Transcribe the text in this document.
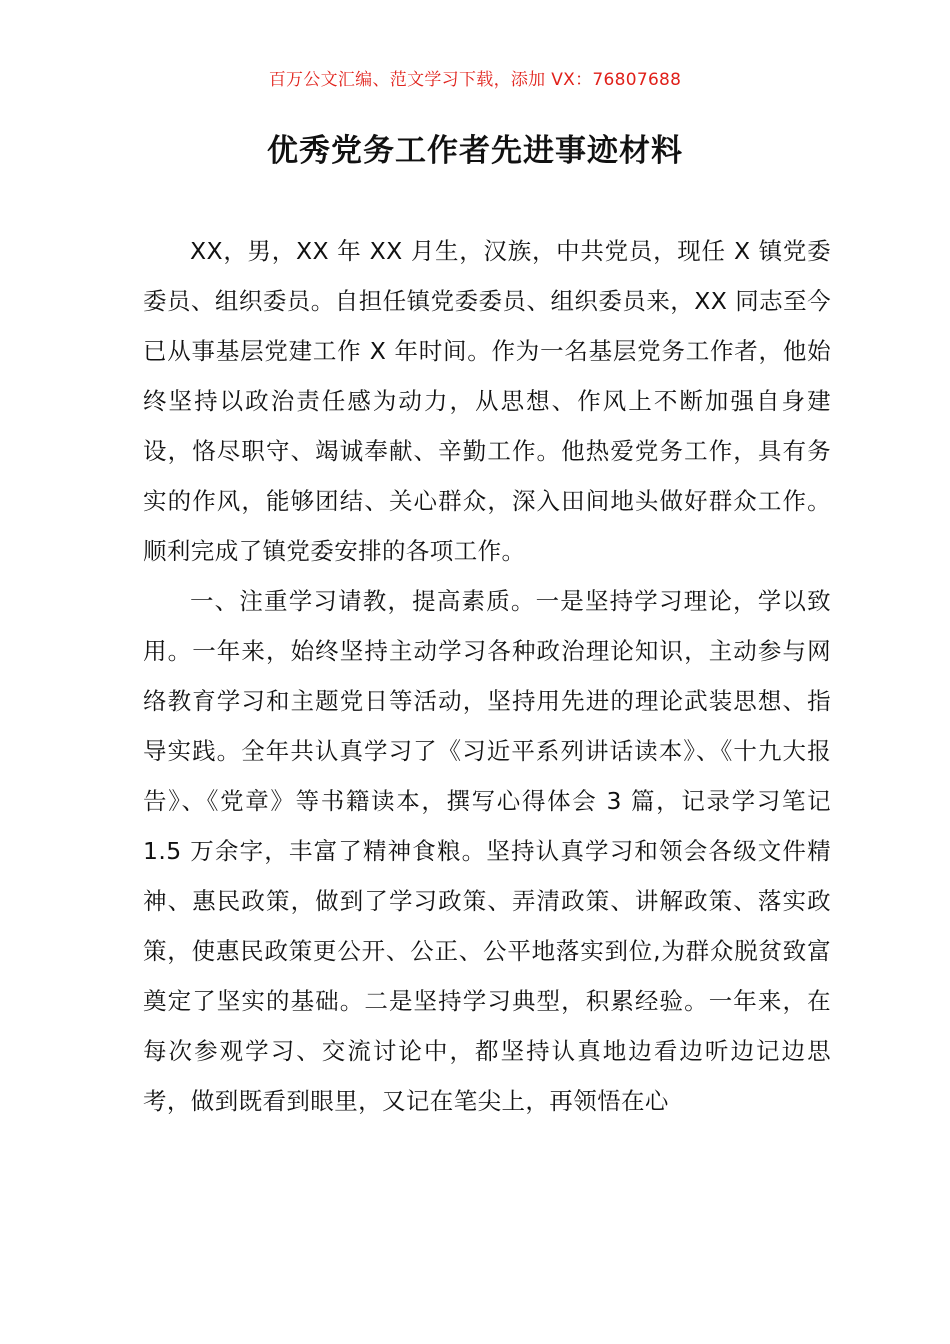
百万公文汇编、范文学习下载，添加 VX：76807688
优秀党务工作者先进事迹材料

XX，男，XX 年 XX 月生，汉族，中共党员，现任 X 镇党委委员、组织委员。自担任镇党委委员、组织委员来，XX 同志至今已从事基层党建工作 X 年时间。作为一名基层党务工作者，他始终坚持以政治责任感为动力，从思想、作风上不断加强自身建设，恪尽职守、竭诚奉献、辛勤工作。他热爱党务工作，具有务实的作风，能够团结、关心群众，深入田间地头做好群众工作。顺利完成了镇党委安排的各项工作。

一、注重学习请教，提高素质。一是坚持学习理论，学以致用。一年来，始终坚持主动学习各种政治理论知识，主动参与网络教育学习和主题党日等活动，坚持用先进的理论武装思想、指导实践。全年共认真学习了《习近平系列讲话读本》、《十九大报告》、《党章》等书籍读本，撰写心得体会 3 篇，记录学习笔记 1.5 万余字，丰富了精神食粮。坚持认真学习和领会各级文件精神、惠民政策，做到了学习政策、弄清政策、讲解政策、落实政策，使惠民政策更公开、公正、公平地落实到位,为群众脱贫致富奠定了坚实的基础。二是坚持学习典型，积累经验。一年来，在每次参观学习、交流讨论中，都坚持认真地边看边听边记边思考，做到既看到眼里，又记在笔尖上，再领悟在心
